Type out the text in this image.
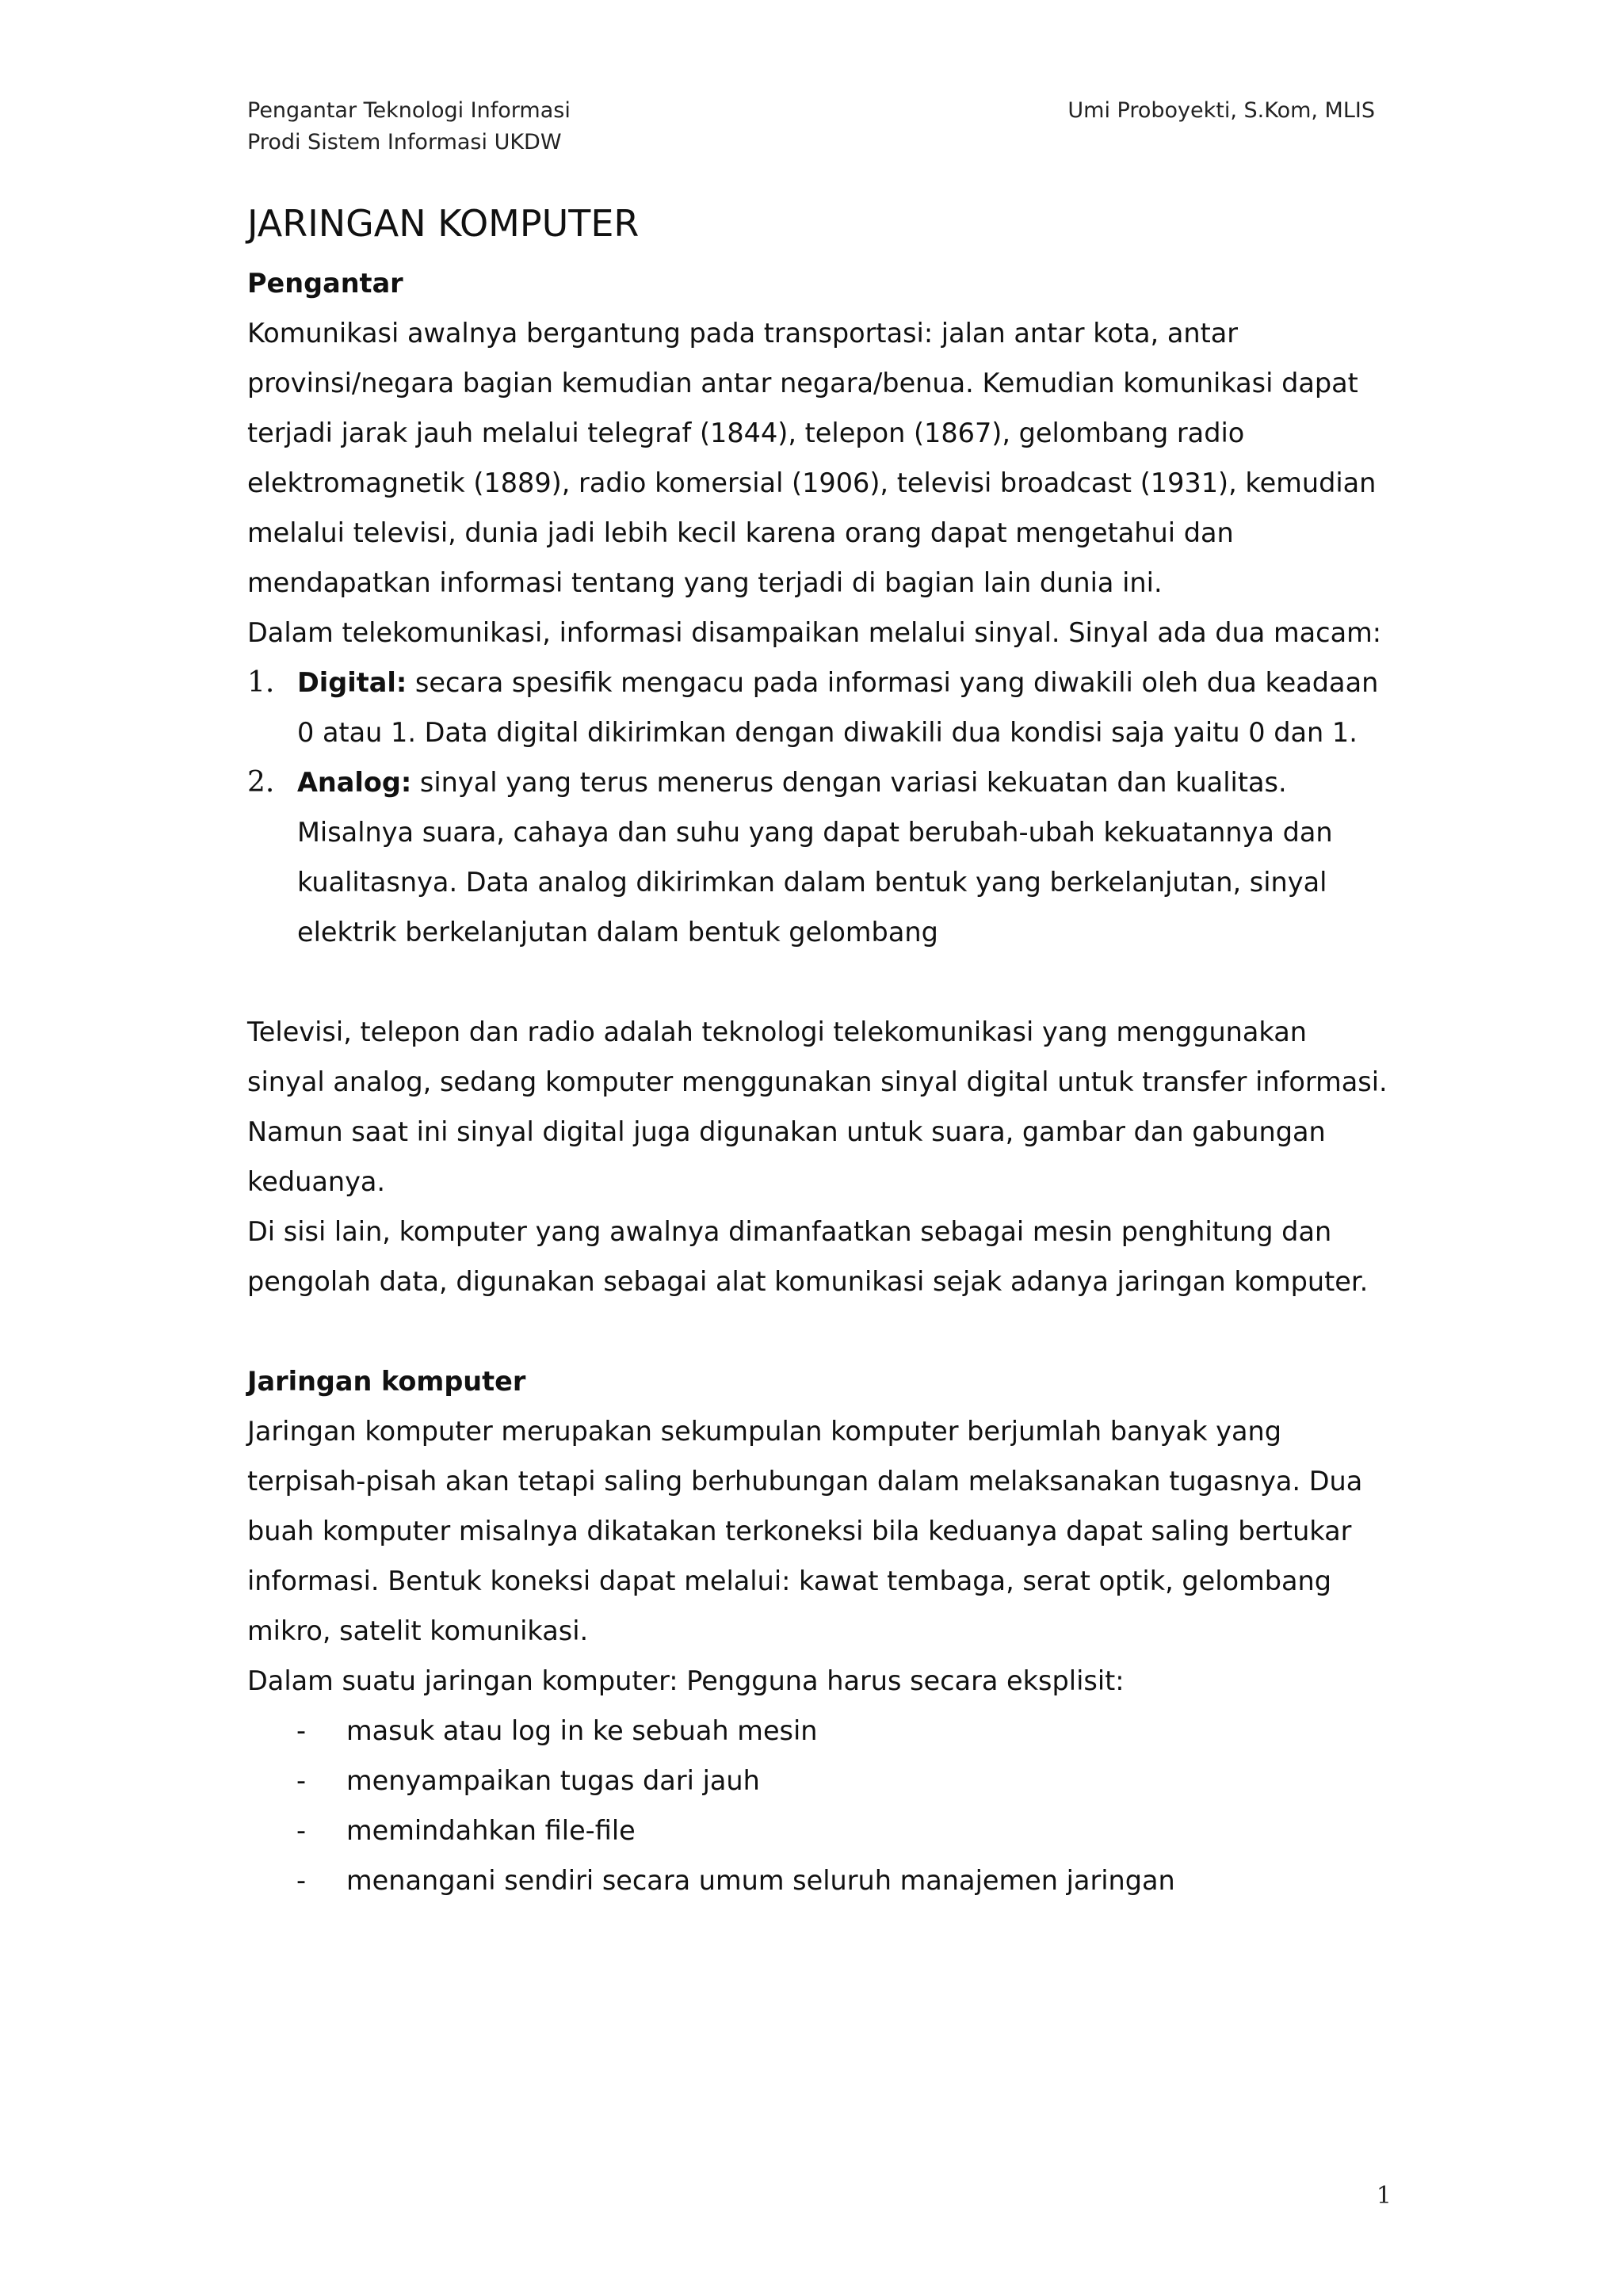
Pengantar Teknologi Informasi
Prodi Sistem Informasi UKDW
Umi Proboyekti, S.Kom, MLIS
JARINGAN KOMPUTER

Pengantar

Komunikasi awalnya bergantung pada transportasi: jalan antar kota, antar provinsi/negara bagian kemudian antar negara/benua. Kemudian komunikasi dapat terjadi jarak jauh melalui telegraf (1844), telepon (1867), gelombang radio elektromagnetik (1889), radio komersial (1906), televisi broadcast (1931), kemudian melalui televisi, dunia jadi lebih kecil karena orang dapat mengetahui dan mendapatkan informasi tentang yang terjadi di bagian lain dunia ini.

Dalam telekomunikasi, informasi disampaikan melalui sinyal. Sinyal ada dua macam:

1. Digital: secara spesifik mengacu pada informasi yang diwakili oleh dua keadaan 0 atau 1. Data digital dikirimkan dengan diwakili dua kondisi saja yaitu 0 dan 1.
2. Analog: sinyal yang terus menerus dengan variasi kekuatan dan kualitas. Misalnya suara, cahaya dan suhu yang dapat berubah-ubah kekuatannya dan kualitasnya. Data analog dikirimkan dalam bentuk yang berkelanjutan, sinyal elektrik berkelanjutan dalam bentuk gelombang

Televisi, telepon dan radio adalah teknologi telekomunikasi yang menggunakan sinyal analog, sedang komputer menggunakan sinyal digital untuk transfer informasi. Namun saat ini sinyal digital juga digunakan untuk suara, gambar dan gabungan keduanya.

Di sisi lain, komputer yang awalnya dimanfaatkan sebagai mesin penghitung dan pengolah data, digunakan sebagai alat komunikasi sejak adanya jaringan komputer.

Jaringan komputer

Jaringan komputer merupakan sekumpulan komputer berjumlah banyak yang terpisah-pisah akan tetapi saling berhubungan dalam melaksanakan tugasnya. Dua buah komputer misalnya dikatakan terkoneksi bila keduanya dapat saling bertukar informasi. Bentuk koneksi dapat melalui: kawat tembaga, serat optik, gelombang mikro, satelit komunikasi.

Dalam suatu jaringan komputer: Pengguna harus secara eksplisit:

- masuk atau log in ke sebuah mesin
- menyampaikan tugas dari jauh
- memindahkan file-file
- menangani sendiri secara umum seluruh manajemen jaringan
1
